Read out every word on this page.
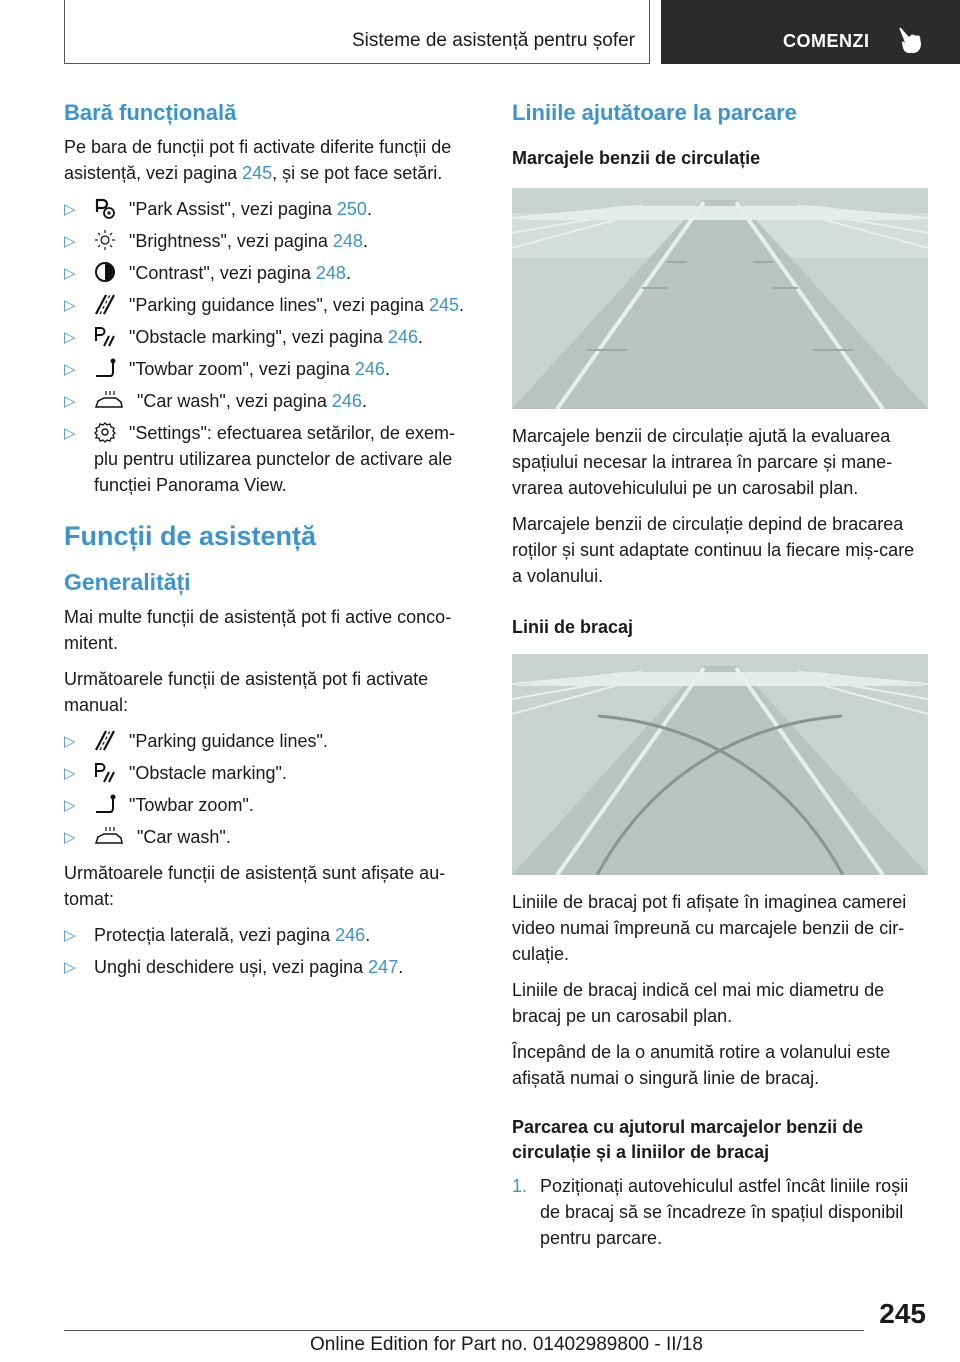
Sisteme de asistență pentru șofer	COMENZI
Bară funcțională

Pe bara de funcții pot fi activate diferite funcții de asistență, vezi pagina 245, și se pot face setări.

▷	"Park Assist", vezi pagina 250.
▷	"Brightness", vezi pagina 248.
▷	"Contrast", vezi pagina 248.
▷	"Parking guidance lines", vezi pagina 245.
▷	"Obstacle marking", vezi pagina 246.
▷	"Towbar zoom", vezi pagina 246.
▷	"Car wash", vezi pagina 246.
▷	"Settings": efectuarea setărilor, de exem-plu pentru utilizarea punctelor de activare ale funcției Panorama View.
Funcții de asistență
Generalități

Mai multe funcții de asistență pot fi active conco-mitent.

Următoarele funcții de asistență pot fi activate manual:

▷	"Parking guidance lines".
▷	"Obstacle marking".
▷	"Towbar zoom".
▷	"Car wash".

Următoarele funcții de asistență sunt afișate au-tomat:

▷ Protecția laterală, vezi pagina 246.
▷ Unghi deschidere uși, vezi pagina 247.
Liniile ajutătoare la parcare
Marcajele benzii de circulație

Marcajele benzii de circulație ajută la evaluarea spațiului necesar la intrarea în parcare și mane-vrarea autovehiculului pe un carosabil plan.

Marcajele benzii de circulație depind de bracarea roților și sunt adaptate continuu la fiecare miș-care a volanului.

Linii de bracaj

Liniile de bracaj pot fi afișate în imaginea camerei video numai împreună cu marcajele benzii de cir-culație.

Liniile de bracaj indică cel mai mic diametru de bracaj pe un carosabil plan.

Începând de la o anumită rotire a volanului este afișată numai o singură linie de bracaj.

Parcarea cu ajutorul marcajelor benzii de circulație și a liniilor de bracaj
1. Poziționați autovehiculul astfel încât liniile roșii de bracaj să se încadreze în spațiul disponibil pentru parcare.
245
Online Edition for Part no. 01402989800 - II/18
